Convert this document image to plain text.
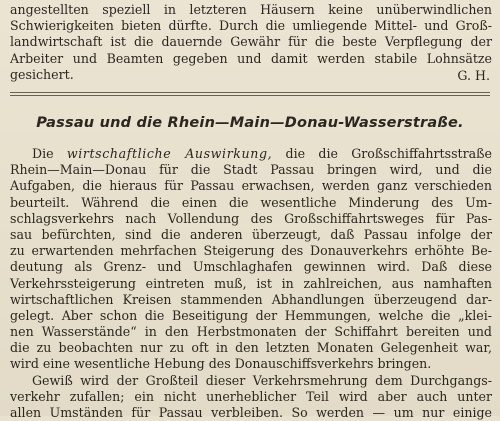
angestellten speziell in letzteren Häusern keine unüberwindlichen
Schwierigkeiten bieten dürfte. Durch die umliegende Mittel- und Groß-
landwirtschaft ist die dauernde Gewähr für die beste Verpflegung der
Arbeiter und Beamten gegeben und damit werden stabile Lohnsätze
gesichert.	G. H.
Passau und die Rhein—Main—Donau-Wasserstraße.
Die wirtschaftliche Auswirkung, die die Großschiffahrtsstraße
Rhein—Main—Donau für die Stadt Passau bringen wird, und die
Aufgaben, die hieraus für Passau erwachsen, werden ganz verschieden
beurteilt. Während die einen die wesentliche Minderung des Um-
schlagsverkehrs nach Vollendung des Großschiffahrtsweges für Pas-
sau befürchten, sind die anderen überzeugt, daß Passau infolge der
zu erwartenden mehrfachen Steigerung des Donauverkehrs erhöhte Be-
deutung als Grenz- und Umschlaghafen gewinnen wird. Daß diese
Verkehrssteigerung eintreten muß, ist in zahlreichen, aus namhaften
wirtschaftlichen Kreisen stammenden Abhandlungen überzeugend dar-
gelegt. Aber schon die Beseitigung der Hemmungen, welche die „klei-
nen Wasserstände“ in den Herbstmonaten der Schiffahrt bereiten und
die zu beobachten nur zu oft in den letzten Monaten Gelegenheit war,
wird eine wesentliche Hebung des Donauschiffsverkehrs bringen.
Gewiß wird der Großteil dieser Verkehrsmehrung dem Durchgangs-
verkehr zufallen; ein nicht unerheblicher Teil wird aber auch unter
allen Umständen für Passau verbleiben. So werden — um nur einige
